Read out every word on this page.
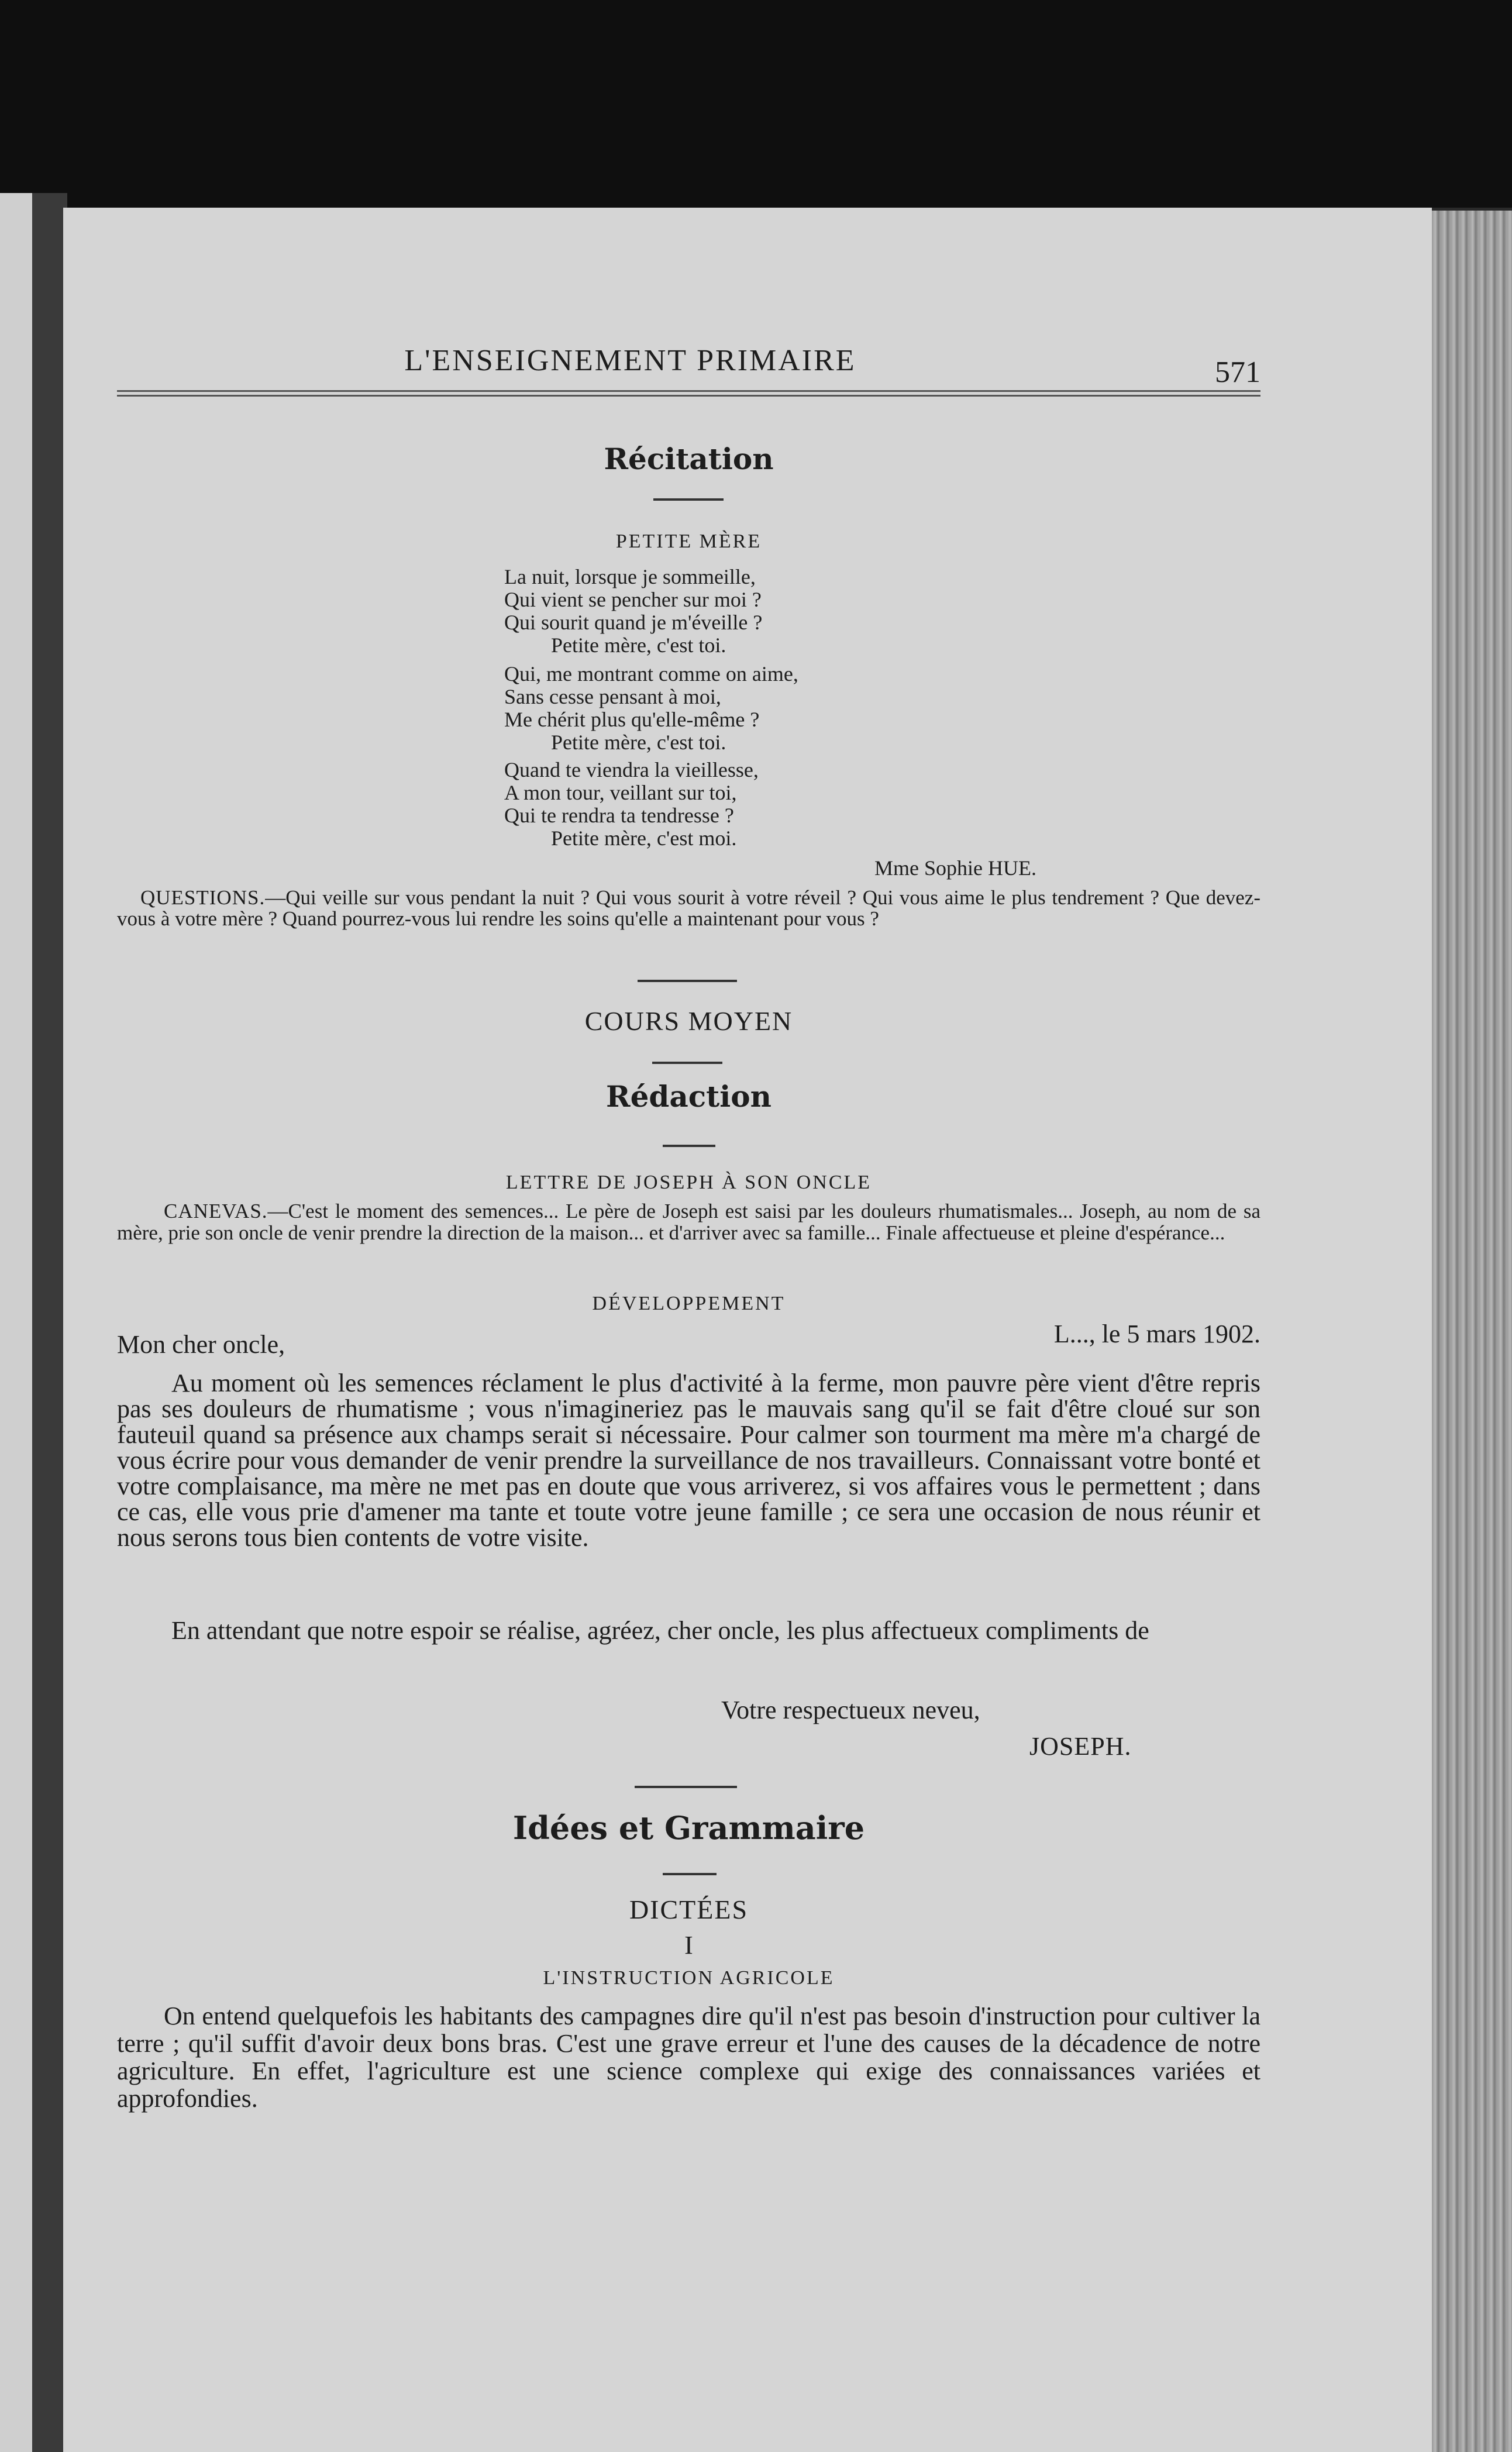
L'ENSEIGNEMENT PRIMAIRE	571
Récitation
PETITE MÈRE
La nuit, lorsque je sommeille,
Qui vient se pencher sur moi ?
Qui sourit quand je m'éveille ?
Petite mère, c'est toi.
Qui, me montrant comme on aime,
Sans cesse pensant à moi,
Me chérit plus qu'elle-même ?
Petite mère, c'est toi.
Quand te viendra la vieillesse,
A mon tour, veillant sur toi,
Qui te rendra ta tendresse ?
Petite mère, c'est moi.
Mme Sophie HUE.
QUESTIONS.—Qui veille sur vous pendant la nuit ? Qui vous sourit à votre réveil ? Qui vous aime le plus tendrement ? Que devez-vous à votre mère ? Quand pourrez-vous lui rendre les soins qu'elle a maintenant pour vous ?
COURS MOYEN
Rédaction
LETTRE DE JOSEPH À SON ONCLE
CANEVAS.—C'est le moment des semences... Le père de Joseph est saisi par les douleurs rhumatismales... Joseph, au nom de sa mère, prie son oncle de venir prendre la direction de la maison... et d'arriver avec sa famille... Finale affectueuse et pleine d'espérance...
DÉVELOPPEMENT
L..., le 5 mars 1902.
Mon cher oncle,
Au moment où les semences réclament le plus d'activité à la ferme, mon pauvre père vient d'être repris pas ses douleurs de rhumatisme ; vous n'imagineriez pas le mauvais sang qu'il se fait d'être cloué sur son fauteuil quand sa présence aux champs serait si nécessaire. Pour calmer son tourment ma mère m'a chargé de vous écrire pour vous demander de venir prendre la surveillance de nos travailleurs. Connaissant votre bonté et votre complaisance, ma mère ne met pas en doute que vous arriverez, si vos affaires vous le permettent ; dans ce cas, elle vous prie d'amener ma tante et toute votre jeune famille ; ce sera une occasion de nous réunir et nous serons tous bien contents de votre visite.
En attendant que notre espoir se réalise, agréez, cher oncle, les plus affectueux compliments de
Votre respectueux neveu,
JOSEPH.
Idées et Grammaire
DICTÉES
I
L'INSTRUCTION AGRICOLE
On entend quelquefois les habitants des campagnes dire qu'il n'est pas besoin d'instruction pour cultiver la terre ; qu'il suffit d'avoir deux bons bras. C'est une grave erreur et l'une des causes de la décadence de notre agriculture. En effet, l'agriculture est une science complexe qui exige des connaissances variées et approfondies.
